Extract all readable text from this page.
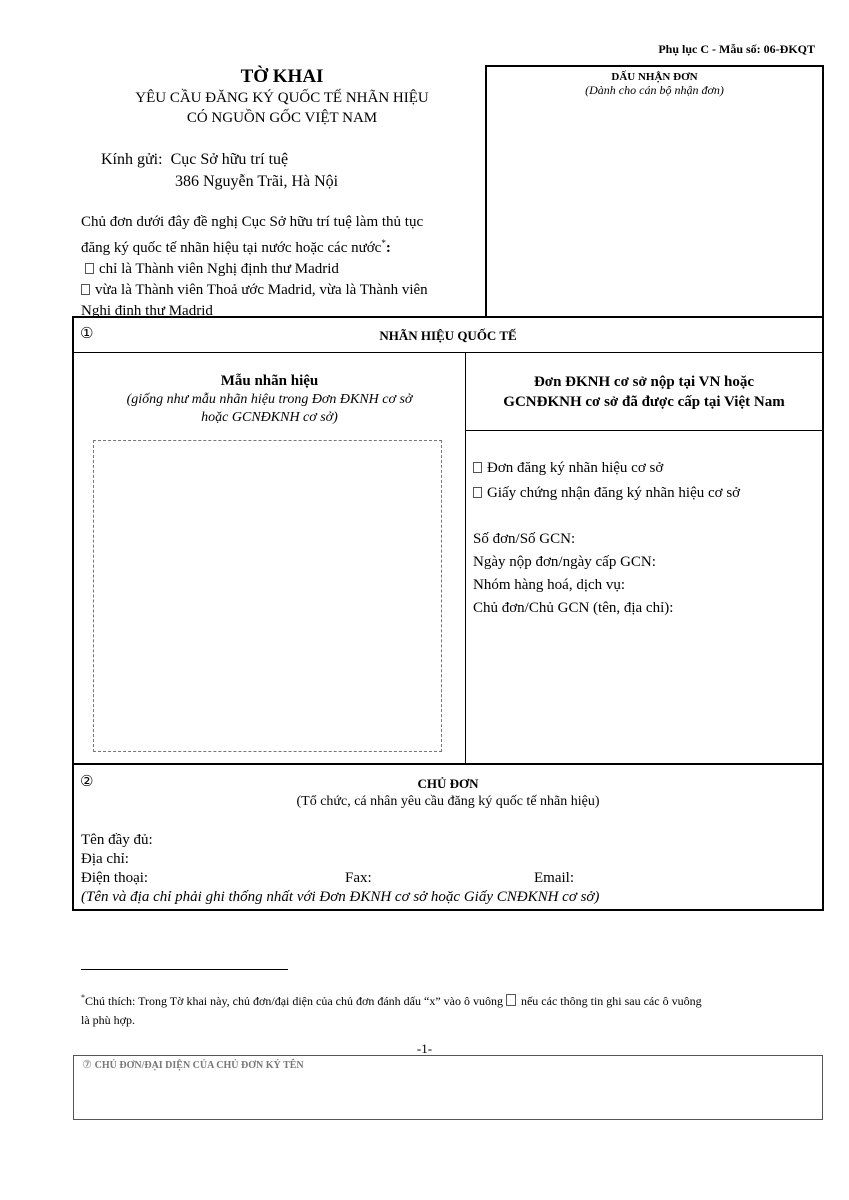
Phụ lục C - Mẫu số: 06-ĐKQT
TỜ KHAI
YÊU CẦU ĐĂNG KÝ QUỐC TẾ NHÃN HIỆU
CÓ NGUỒN GỐC VIỆT NAM
Kính gửi: Cục Sở hữu trí tuệ
386 Nguyễn Trãi, Hà Nội
Chủ đơn dưới đây đề nghị Cục Sở hữu trí tuệ làm thủ tục
đăng ký quốc tế nhãn hiệu tại nước hoặc các nước*:
chỉ là Thành viên Nghị định thư Madrid
vừa là Thành viên Thoả ước Madrid, vừa là Thành viên
Nghị định thư Madrid
DẤU NHẬN ĐƠN
(Dành cho cán bộ nhận đơn)
①	NHÃN HIỆU QUỐC TẾ
Mẫu nhãn hiệu
(giống như mẫu nhãn hiệu trong Đơn ĐKNH cơ sở
hoặc GCNĐKNH cơ sở)
Đơn ĐKNH cơ sở nộp tại VN hoặc
GCNĐKNH cơ sở đã được cấp tại Việt Nam
Đơn đăng ký nhãn hiệu cơ sở
Giấy chứng nhận đăng ký nhãn hiệu cơ sở
Số đơn/Số GCN:
Ngày nộp đơn/ngày cấp GCN:
Nhóm hàng hoá, dịch vụ:
Chủ đơn/Chủ GCN (tên, địa chỉ):
②	CHỦ ĐƠN
(Tổ chức, cá nhân yêu cầu đăng ký quốc tế nhãn hiệu)
Tên đầy đủ:
Địa chỉ:
Điện thoại:	Fax:	Email:
(Tên và địa chỉ phải ghi thống nhất với Đơn ĐKNH cơ sở hoặc Giấy CNĐKNH cơ sở)
*Chú thích: Trong Tờ khai này, chủ đơn/đại diện của chủ đơn đánh dấu “x” vào ô vuông nếu các thông tin ghi sau các ô vuông
là phù hợp.
-1-
⑦ CHỦ ĐƠN/ĐẠI DIỆN CỦA CHỦ ĐƠN KÝ TÊN
